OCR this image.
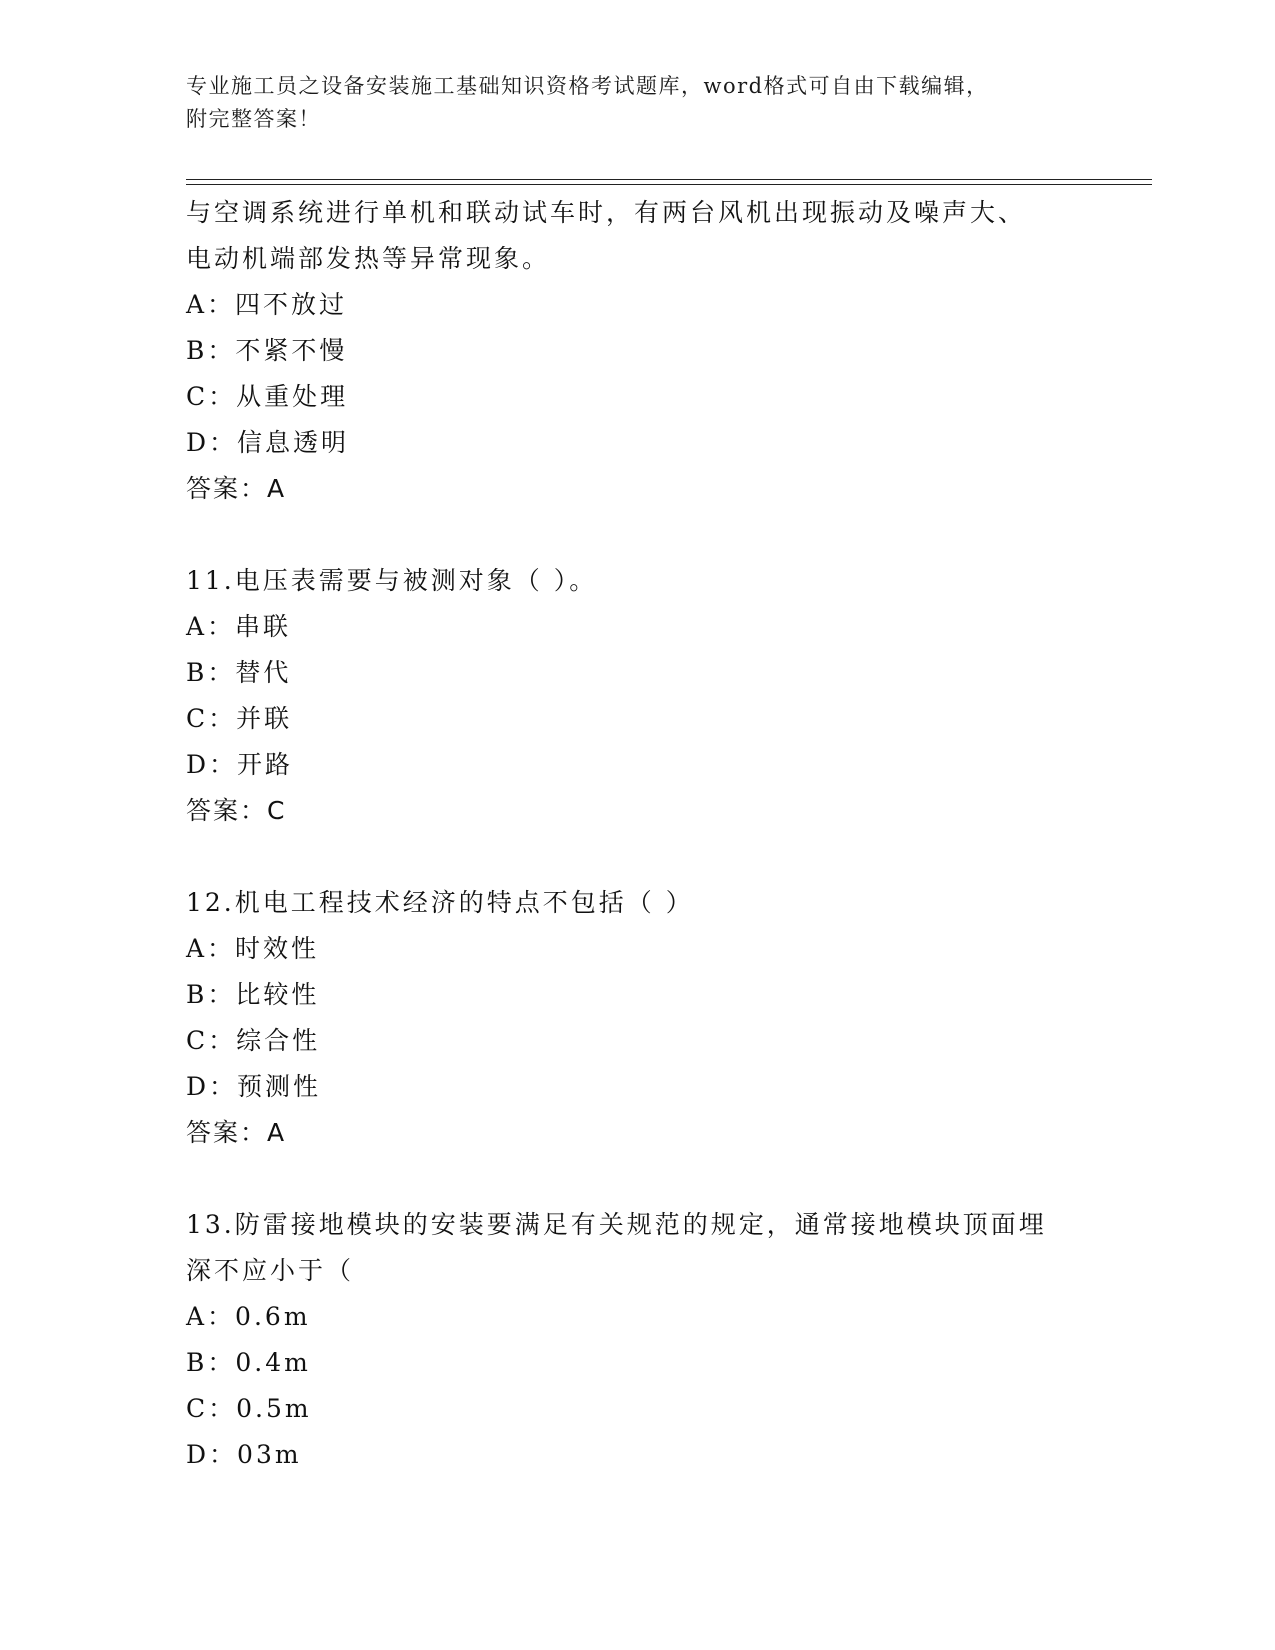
专业施工员之设备安装施工基础知识资格考试题库，word格式可自由下载编辑，
附完整答案！
与空调系统进行单机和联动试车时，有两台风机出现振动及噪声大、
电动机端部发热等异常现象。
A：四不放过
B：不紧不慢
C：从重处理
D：信息透明
答案：A
11.电压表需要与被测对象（ ）。
A：串联
B：替代
C：并联
D：开路
答案：C
12.机电工程技术经济的特点不包括（ ）
A：时效性
B：比较性
C：综合性
D：预测性
答案：A
13.防雷接地模块的安装要满足有关规范的规定，通常接地模块顶面埋
深不应小于（
A：0.6m
B：0.4m
C：0.5m
D：03m
